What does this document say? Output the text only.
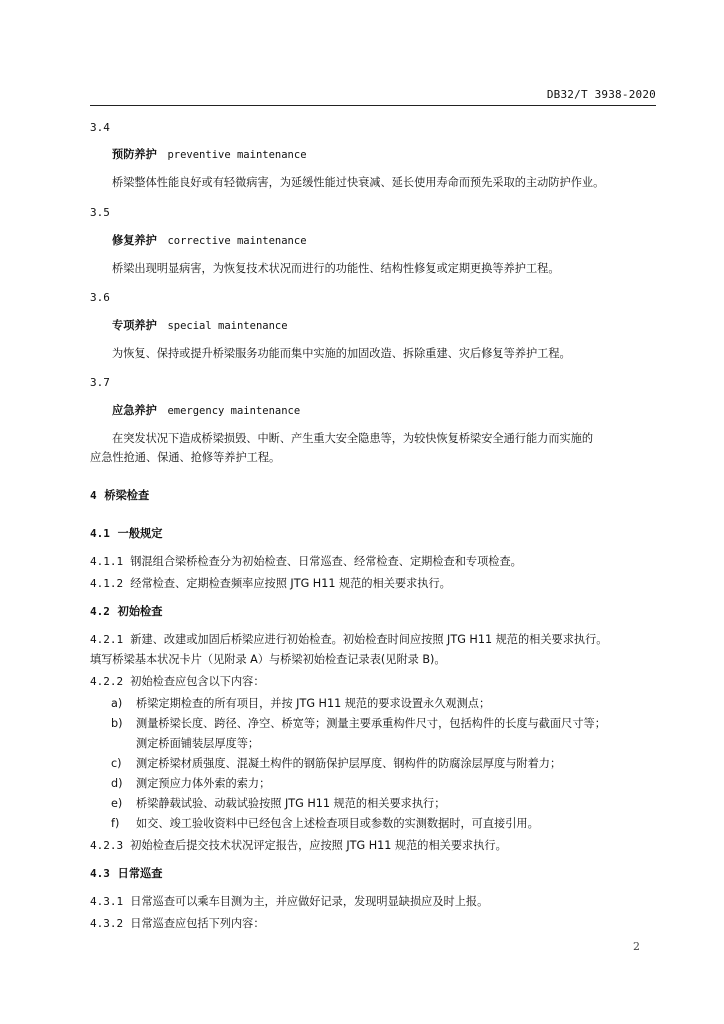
DB32/T 3938-2020
3.4
预防养护 preventive maintenance
桥梁整体性能良好或有轻微病害，为延缓性能过快衰减、延长使用寿命而预先采取的主动防护作业。
3.5
修复养护 corrective maintenance
桥梁出现明显病害，为恢复技术状况而进行的功能性、结构性修复或定期更换等养护工程。
3.6
专项养护 special maintenance
为恢复、保持或提升桥梁服务功能而集中实施的加固改造、拆除重建、灾后修复等养护工程。
3.7
应急养护 emergency maintenance
在突发状况下造成桥梁损毁、中断、产生重大安全隐患等，为较快恢复桥梁安全通行能力而实施的
应急性抢通、保通、抢修等养护工程。
4 桥梁检查
4.1 一般规定
4.1.1 钢混组合梁桥检查分为初始检查、日常巡查、经常检查、定期检查和专项检查。
4.1.2 经常检查、定期检查频率应按照 JTG H11 规范的相关要求执行。
4.2 初始检查
4.2.1 新建、改建或加固后桥梁应进行初始检查。初始检查时间应按照 JTG H11 规范的相关要求执行。
填写桥梁基本状况卡片（见附录 A）与桥梁初始检查记录表(见附录 B)。
4.2.2 初始检查应包含以下内容：
a) 桥梁定期检查的所有项目，并按 JTG H11 规范的要求设置永久观测点；
b) 测量桥梁长度、跨径、净空、桥宽等；测量主要承重构件尺寸，包括构件的长度与截面尺寸等；
测定桥面铺装层厚度等；
c) 测定桥梁材质强度、混凝土构件的钢筋保护层厚度、钢构件的防腐涂层厚度与附着力；
d) 测定预应力体外索的索力；
e) 桥梁静载试验、动载试验按照 JTG H11 规范的相关要求执行；
f) 如交、竣工验收资料中已经包含上述检查项目或参数的实测数据时，可直接引用。
4.2.3 初始检查后提交技术状况评定报告，应按照 JTG H11 规范的相关要求执行。
4.3 日常巡查
4.3.1 日常巡查可以乘车目测为主，并应做好记录，发现明显缺损应及时上报。
4.3.2 日常巡查应包括下列内容：
2
